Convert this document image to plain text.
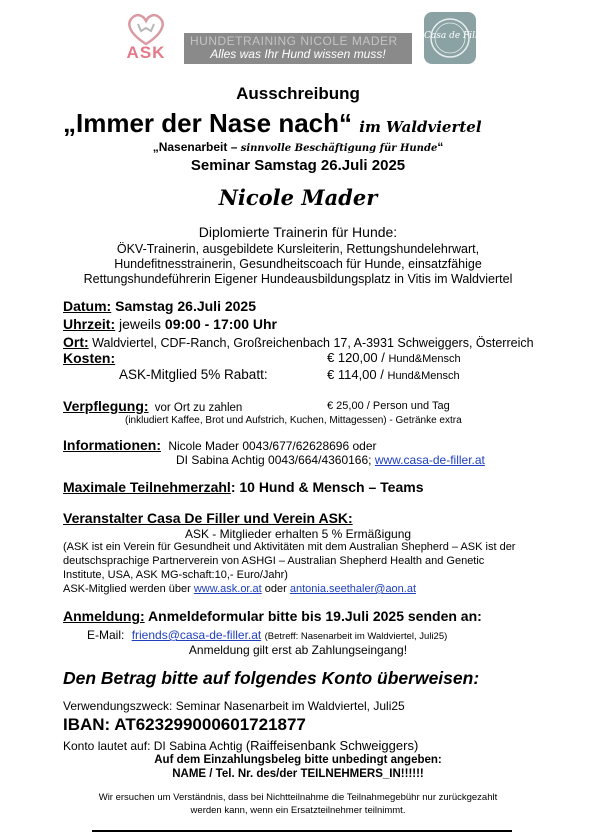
ASK
HUNDETRAINING NICOLE MADER
Alles was Ihr Hund wissen muss!
Casa de Filler
Ausschreibung
„Immer der Nase nach“ im Waldviertel
„Nasenarbeit – sinnvolle Beschäftigung für Hunde“
Seminar Samstag 26.Juli 2025
Nicole Mader
Diplomierte Trainerin für Hunde:
ÖKV-Trainerin, ausgebildete Kursleiterin, Rettungshundelehrwart,
Hundefitnesstrainerin, Gesundheitscoach für Hunde, einsatzfähige
Rettungshundeführerin Eigener Hundeausbildungsplatz in Vitis im Waldviertel
Datum: Samstag 26.Juli 2025
Uhrzeit: jeweils 09:00 - 17:00 Uhr
Ort: Waldviertel, CDF-Ranch, Großreichenbach 17, A-3931 Schweiggers, Österreich
Kosten:	€ 120,00 / Hund&Mensch
ASK-Mitglied 5% Rabatt:	€ 114,00 / Hund&Mensch
Verpflegung: vor Ort zu zahlen	€ 25,00 / Person und Tag
(inkludiert Kaffee, Brot und Aufstrich, Kuchen, Mittagessen) - Getränke extra
Informationen: Nicole Mader 0043/677/62628696 oder
DI Sabina Achtig 0043/664/4360166; www.casa-de-filler.at
Maximale Teilnehmerzahl: 10 Hund & Mensch – Teams
Veranstalter Casa De Filler und Verein ASK:
ASK - Mitglieder erhalten 5 % Ermäßigung
(ASK ist ein Verein für Gesundheit und Aktivitäten mit dem Australian Shepherd – ASK ist der
deutschsprachige Partnerverein von ASHGI – Australian Shepherd Health and Genetic
Institute, USA, ASK MG-schaft:10,- Euro/Jahr)
ASK-Mitglied werden über www.ask.or.at oder antonia.seethaler@aon.at
Anmeldung: Anmeldeformular bitte bis 19.Juli 2025 senden an:
E-Mail: friends@casa-de-filler.at (Betreff: Nasenarbeit im Waldviertel, Juli25)
Anmeldung gilt erst ab Zahlungseingang!
Den Betrag bitte auf folgendes Konto überweisen:
Verwendungszweck: Seminar Nasenarbeit im Waldviertel, Juli25
IBAN: AT623299000601721877
Konto lautet auf: DI Sabina Achtig (Raiffeisenbank Schweiggers)
Auf dem Einzahlungsbeleg bitte unbedingt angeben:
NAME / Tel. Nr. des/der TEILNEHMERS_IN!!!!!!
Wir ersuchen um Verständnis, dass bei Nichtteilnahme die Teilnahmegebühr nur zurückgezahlt
werden kann, wenn ein Ersatzteilnehmer teilnimmt.
